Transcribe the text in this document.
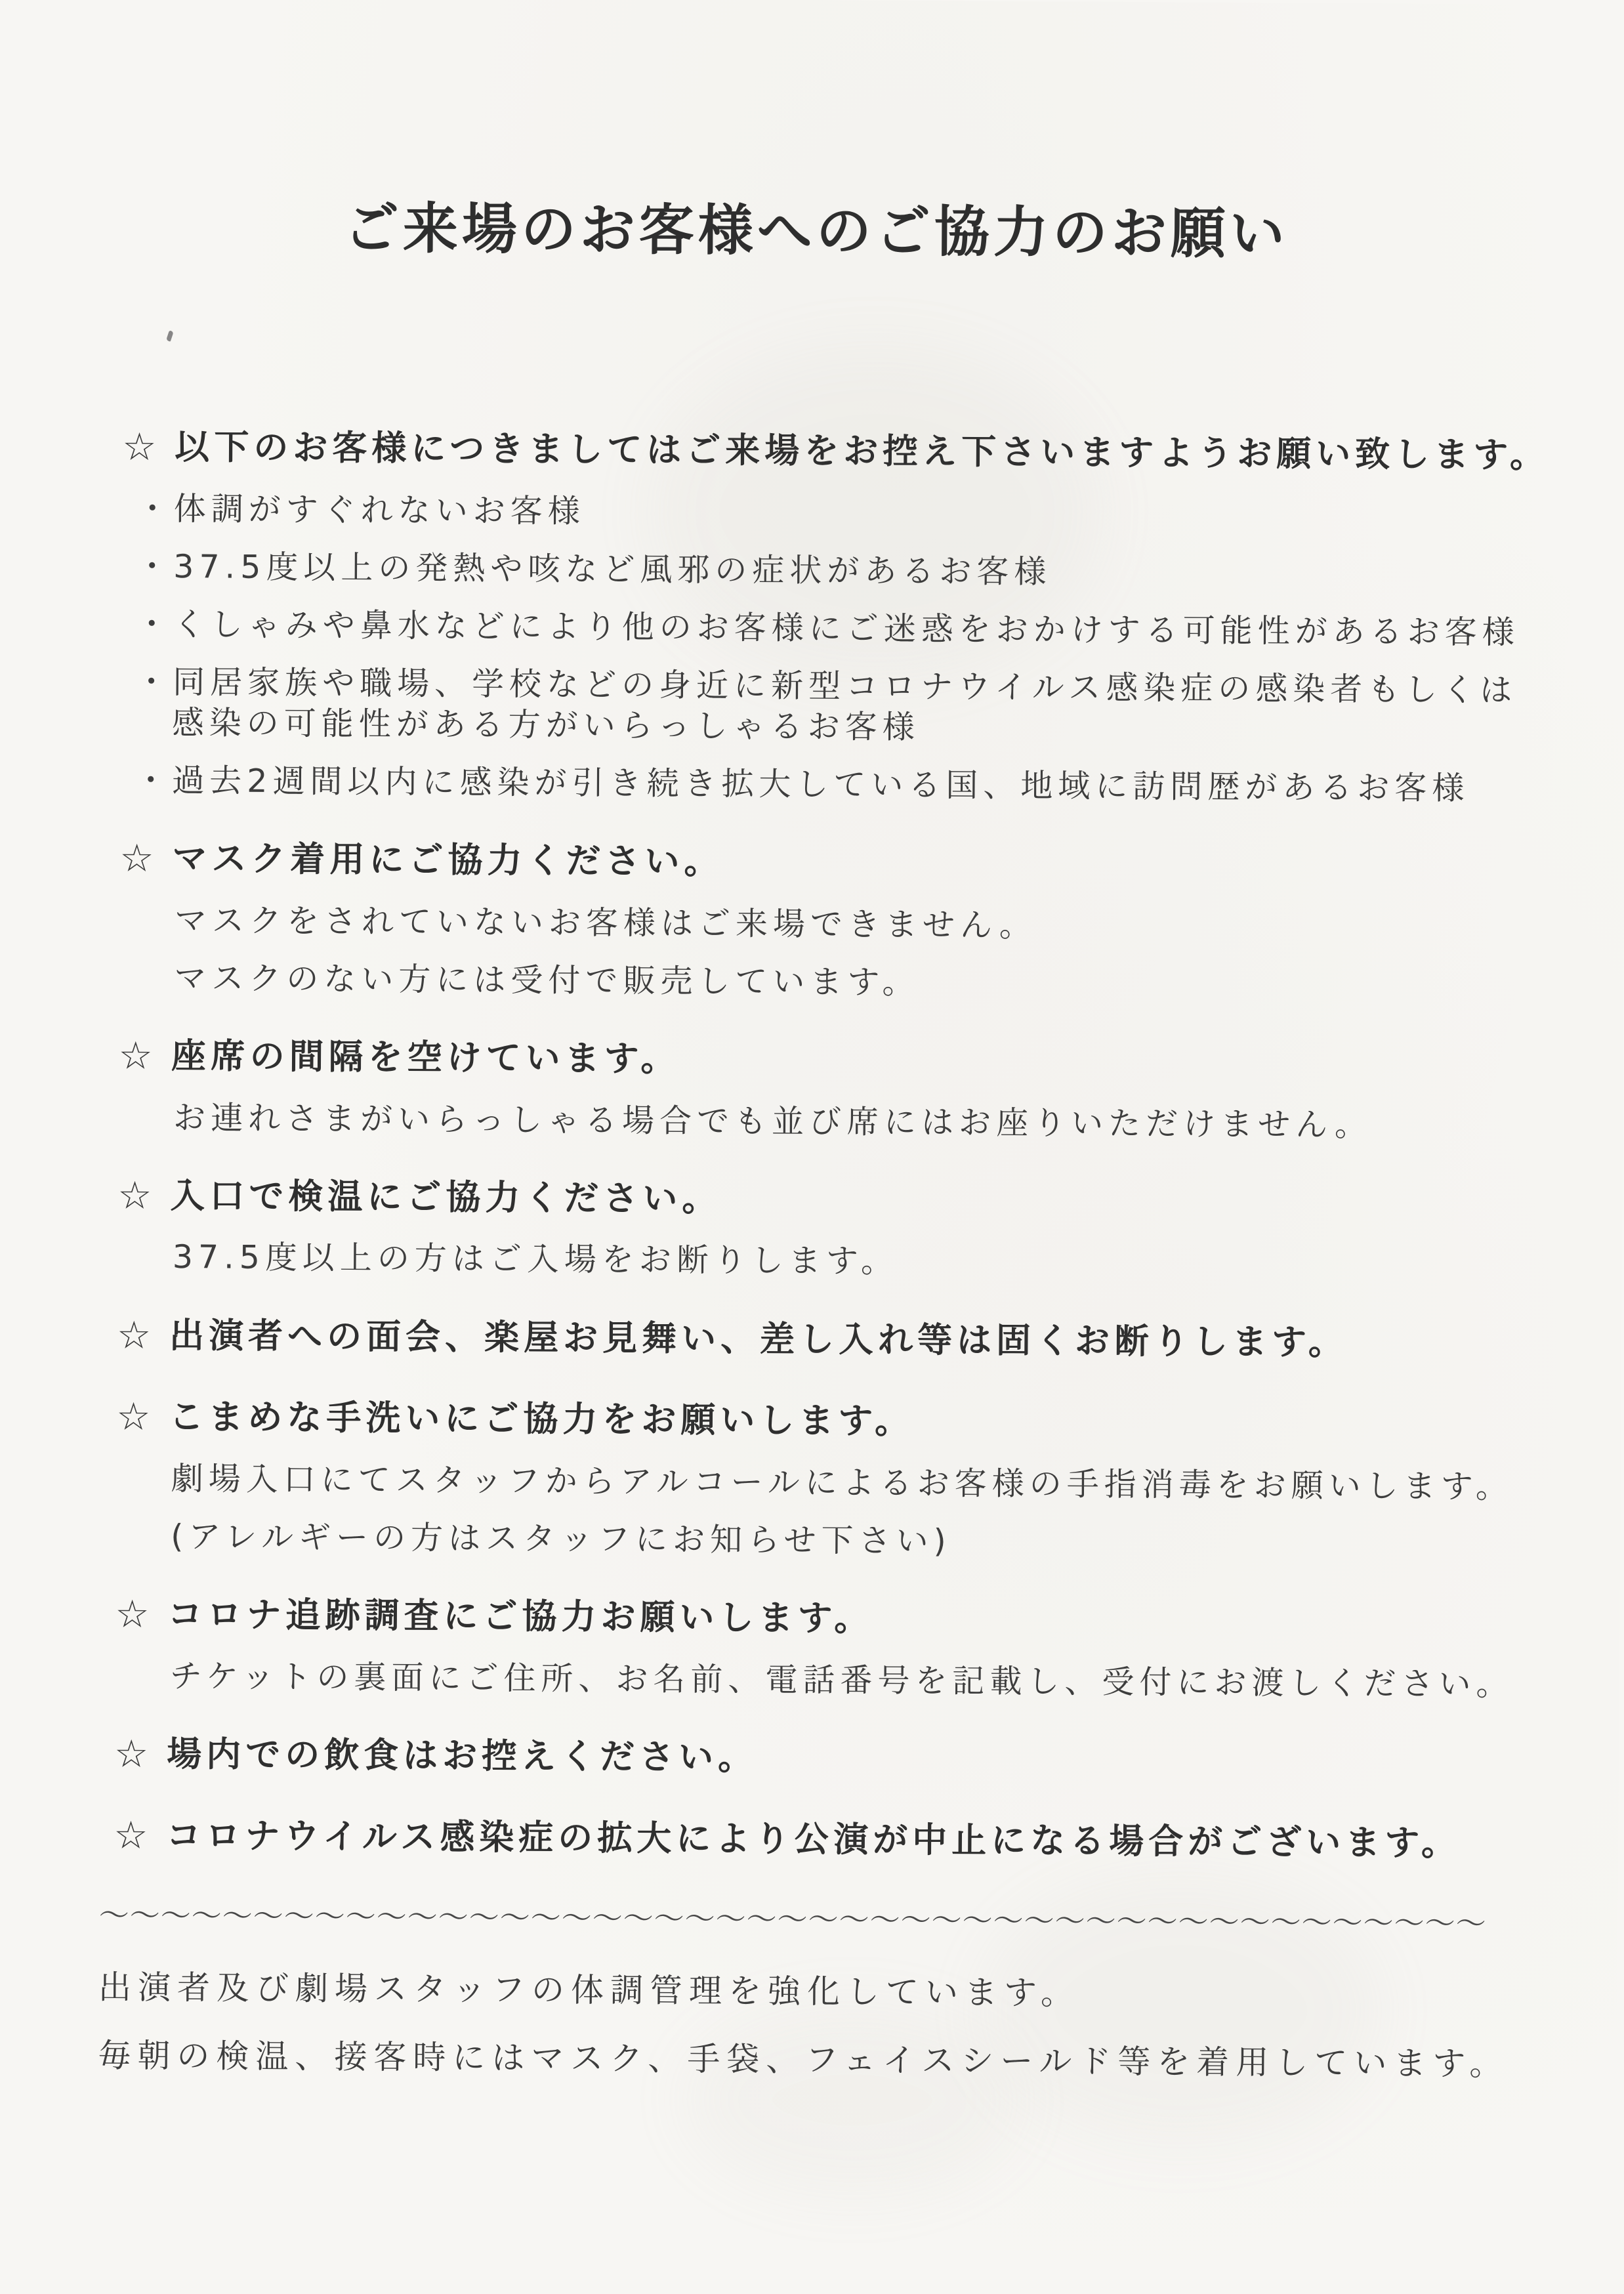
ご来場のお客様へのご協力のお願い
☆ 以下のお客様につきましてはご来場をお控え下さいますようお願い致します。
・ 体調がすぐれないお客様
・ 37.5度以上の発熱や咳など風邪の症状があるお客様
・ くしゃみや鼻水などにより他のお客様にご迷惑をおかけする可能性があるお客様
・ 同居家族や職場、学校などの身近に新型コロナウイルス感染症の感染者もしくは感染の可能性がある方がいらっしゃるお客様
・ 過去2週間以内に感染が引き続き拡大している国、地域に訪問歴があるお客様
☆ マスク着用にご協力ください。
マスクをされていないお客様はご来場できません。
マスクのない方には受付で販売しています。
☆ 座席の間隔を空けています。
お連れさまがいらっしゃる場合でも並び席にはお座りいただけません。
☆ 入口で検温にご協力ください。
37.5度以上の方はご入場をお断りします。
☆ 出演者への面会、楽屋お見舞い、差し入れ等は固くお断りします。
☆ こまめな手洗いにご協力をお願いします。
劇場入口にてスタッフからアルコールによるお客様の手指消毒をお願いします。
(アレルギーの方はスタッフにお知らせ下さい)
☆ コロナ追跡調査にご協力お願いします。
チケットの裏面にご住所、お名前、電話番号を記載し、受付にお渡しください。
☆ 場内での飲食はお控えください。
☆ コロナウイルス感染症の拡大により公演が中止になる場合がございます。
～～～～～～～～～～～～～～～～～～～～～～～～～～～～～～～～～～～～～～～～～～～～～

出演者及び劇場スタッフの体調管理を強化しています。

毎朝の検温、接客時にはマスク、手袋、フェイスシールド等を着用しています。
